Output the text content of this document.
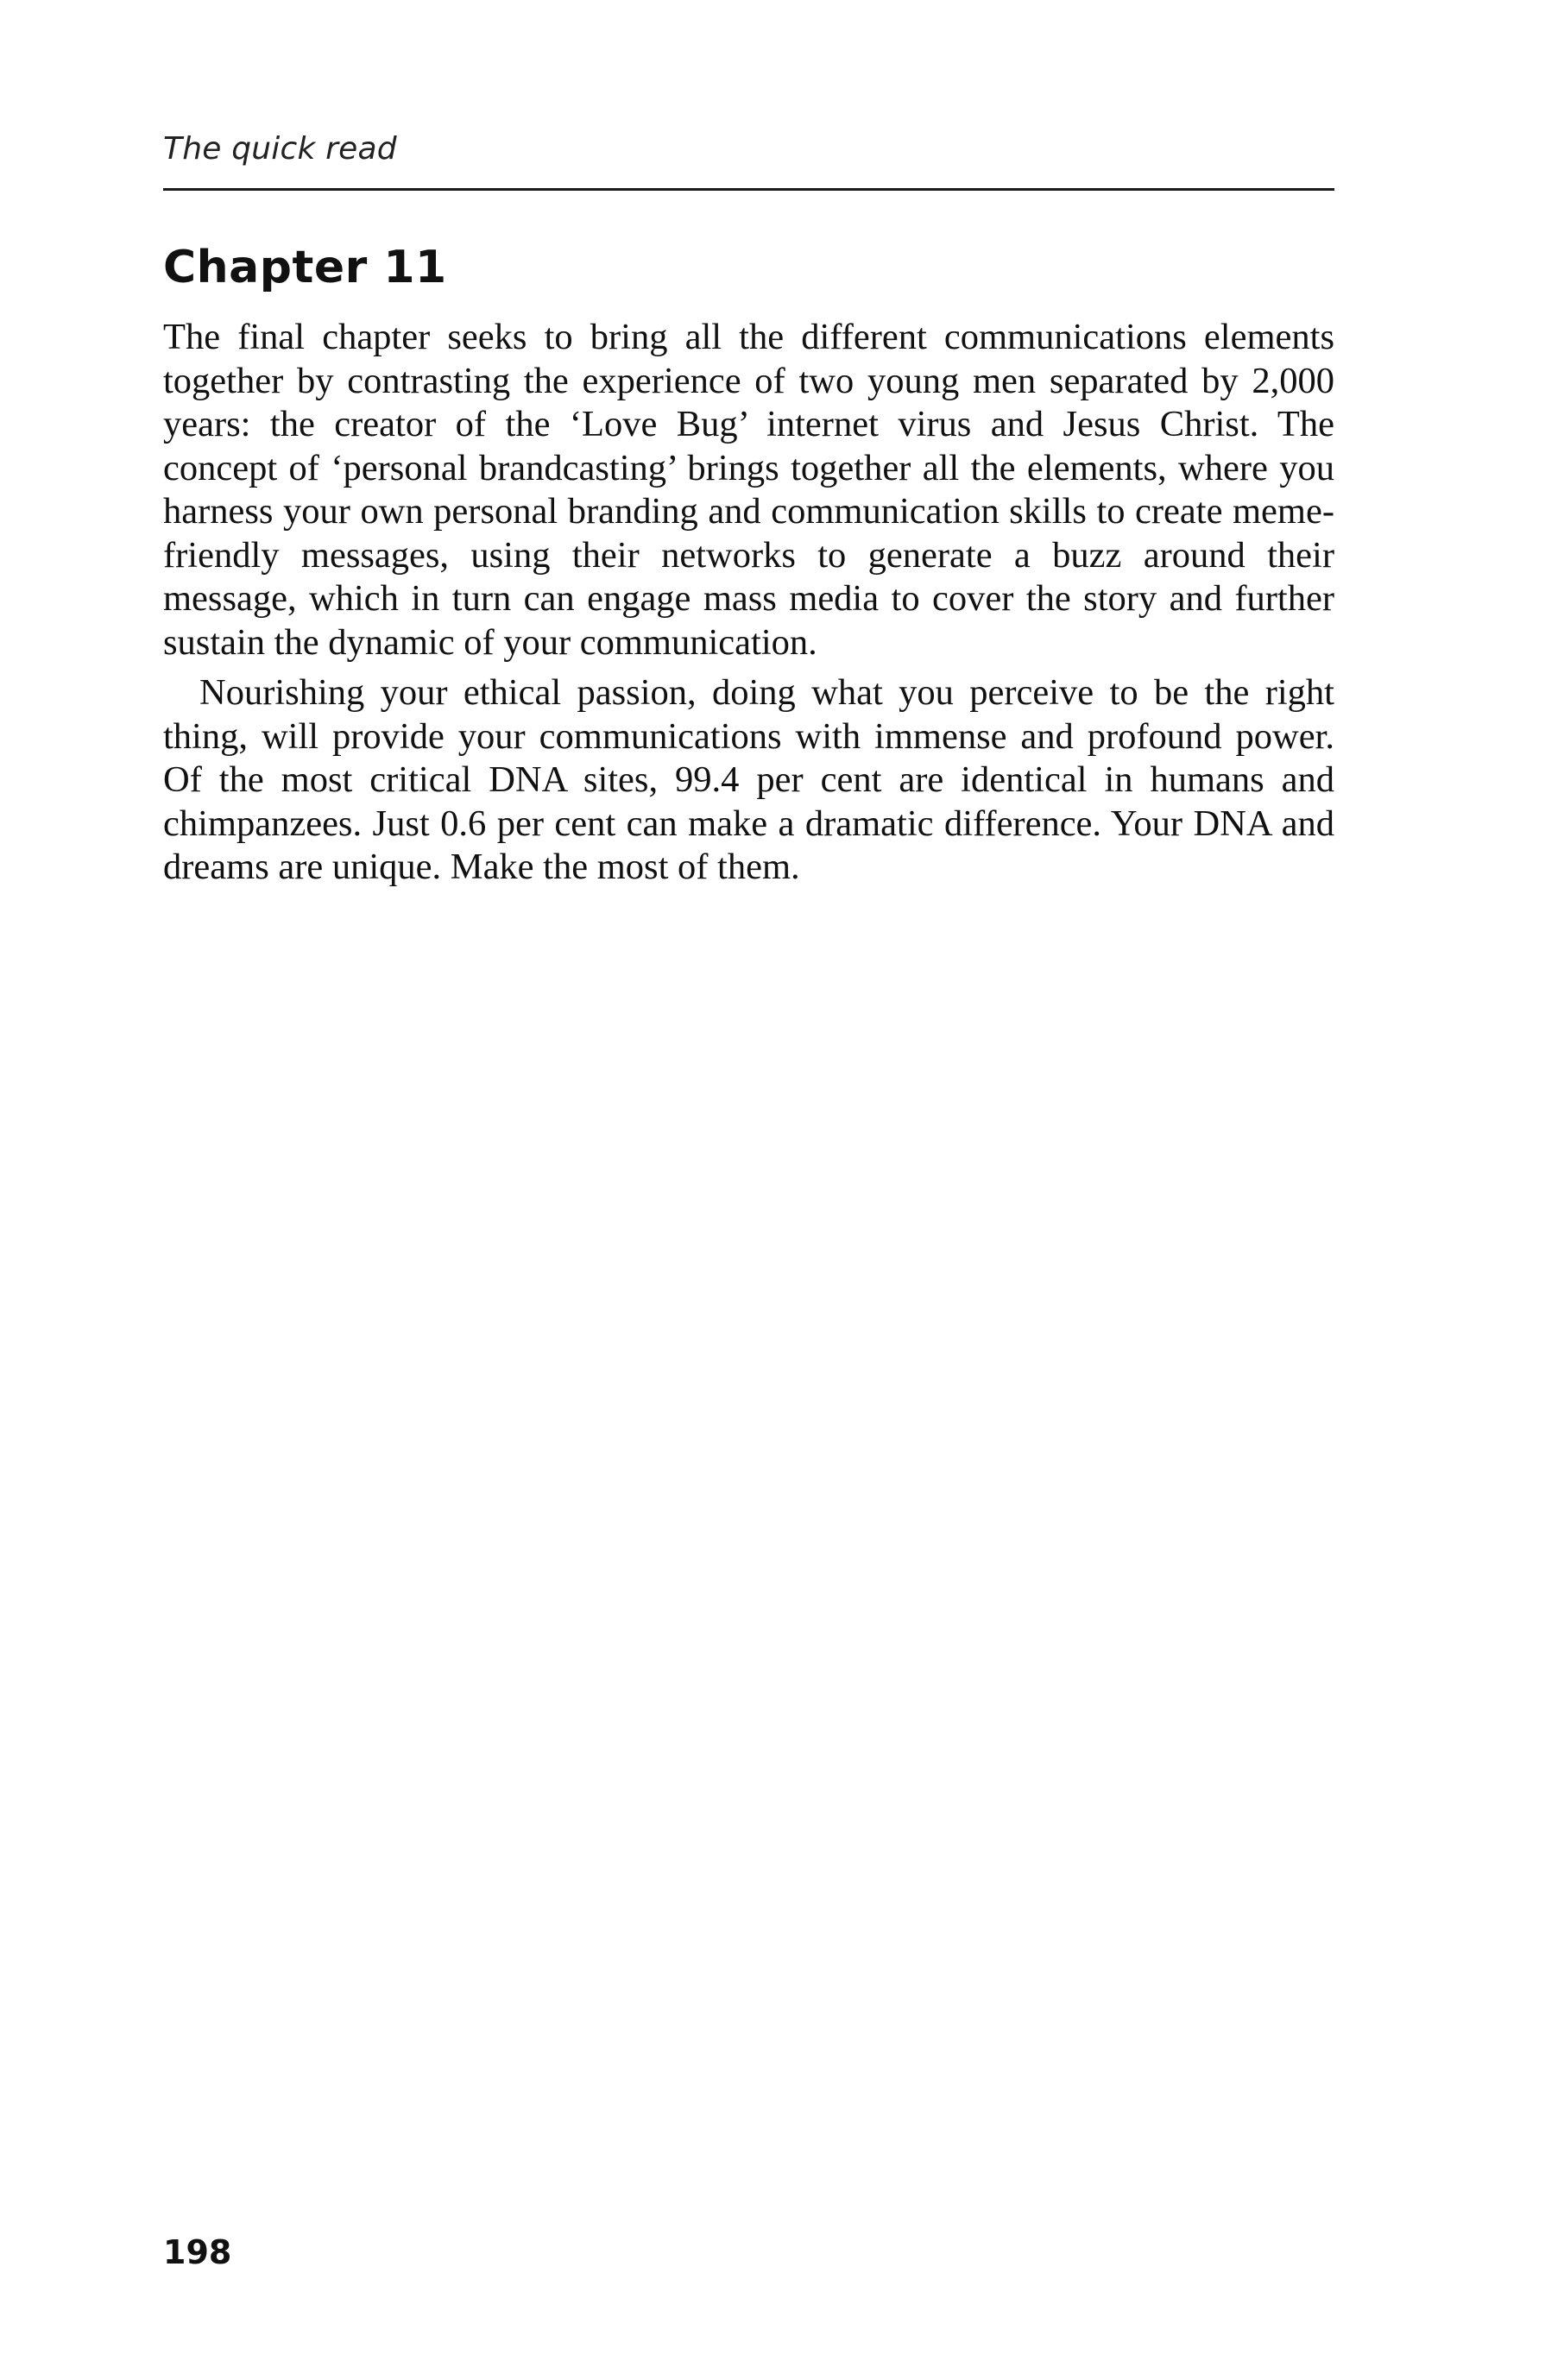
The quick read
Chapter 11

The final chapter seeks to bring all the different communications elements together by contrasting the experience of two young men separated by 2,000 years: the creator of the ‘Love Bug’ internet virus and Jesus Christ. The concept of ‘personal brandcasting’ brings together all the elements, where you harness your own personal branding and communication skills to create meme-friendly messages, using their networks to generate a buzz around their message, which in turn can engage mass media to cover the story and further sustain the dynamic of your communication.

Nourishing your ethical passion, doing what you perceive to be the right thing, will provide your communications with immense and profound power. Of the most critical DNA sites, 99.4 per cent are identical in humans and chimpanzees. Just 0.6 per cent can make a dramatic difference. Your DNA and dreams are unique. Make the most of them.

198
